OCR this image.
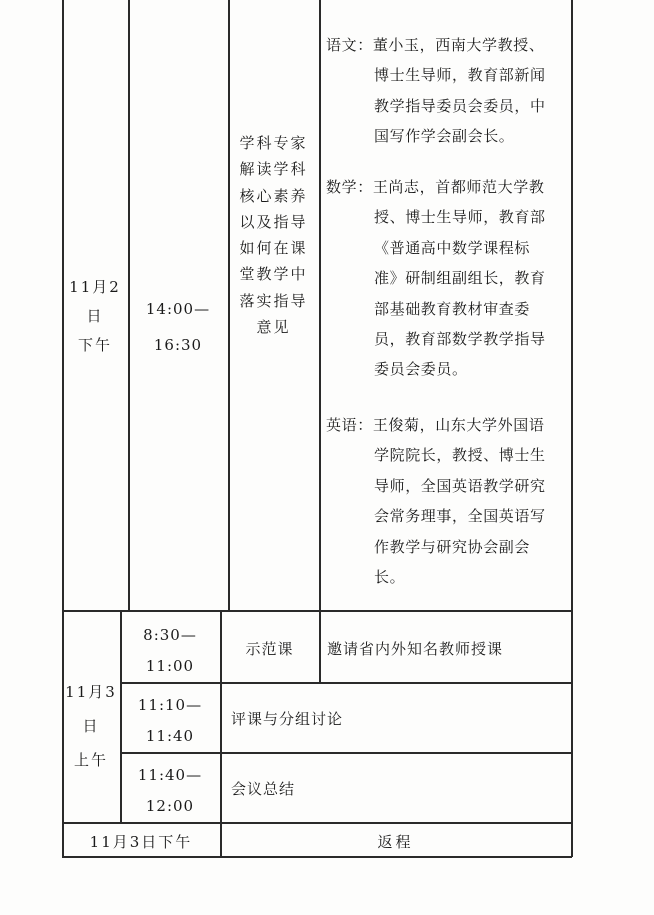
11月2
日
下午
14:00—
16:30
学科专家
解读学科
核心素养
以及指导
如何在课
堂教学中
落实指导
意见
语文：董小玉，西南大学教授、
博士生导师，教育部新闻
教学指导委员会委员，中
国写作学会副会长。
数学：王尚志，首都师范大学教
授、博士生导师，教育部
《普通高中数学课程标
准》研制组副组长，教育
部基础教育教材审查委
员，教育部数学教学指导
委员会委员。
英语：王俊菊，山东大学外国语
学院院长，教授、博士生
导师，全国英语教学研究
会常务理事，全国英语写
作教学与研究协会副会
长。
11月3
日
上午
8:30—
11:00
示范课	邀请省内外知名教师授课
11:10—
11:40
评课与分组讨论
11:40—
12:00
会议总结
11月3日下午	返程
